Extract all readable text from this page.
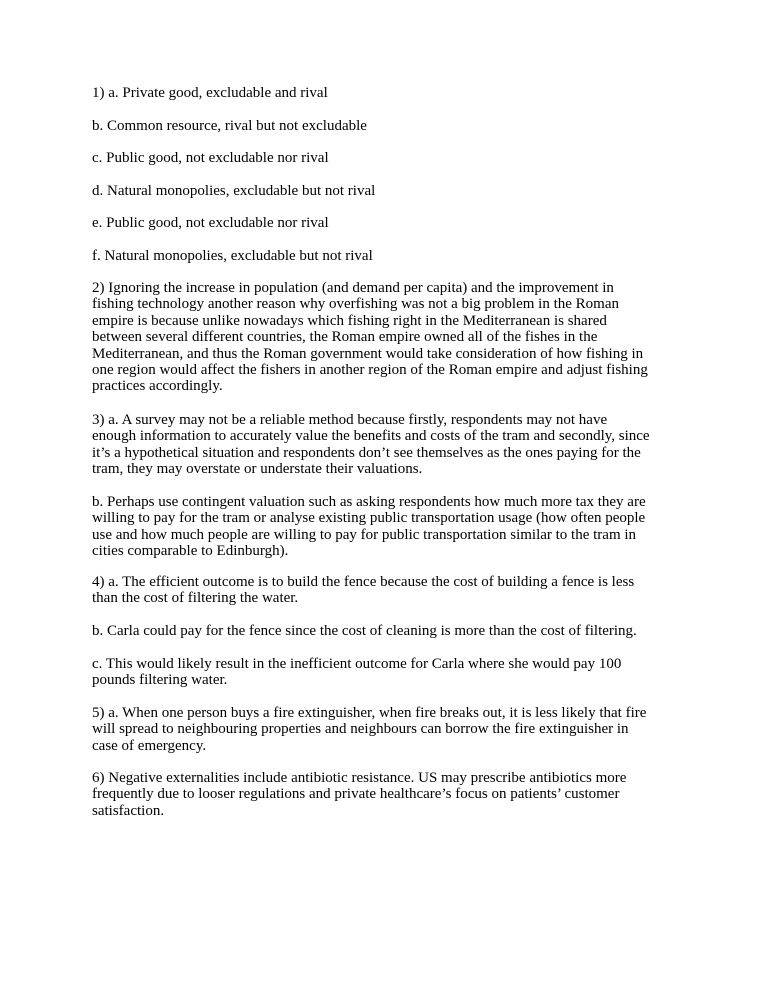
1) a. Private good, excludable and rival
b. Common resource, rival but not excludable
c. Public good, not excludable nor rival
d. Natural monopolies, excludable but not rival
e. Public good, not excludable nor rival
f. Natural monopolies, excludable but not rival
2) Ignoring the increase in population (and demand per capita) and the improvement in
fishing technology another reason why overfishing was not a big problem in the Roman
empire is because unlike nowadays which fishing right in the Mediterranean is shared
between several different countries, the Roman empire owned all of the fishes in the
Mediterranean, and thus the Roman government would take consideration of how fishing in
one region would affect the fishers in another region of the Roman empire and adjust fishing
practices accordingly.
3) a. A survey may not be a reliable method because firstly, respondents may not have
enough information to accurately value the benefits and costs of the tram and secondly, since
it’s a hypothetical situation and respondents don’t see themselves as the ones paying for the
tram, they may overstate or understate their valuations.
b. Perhaps use contingent valuation such as asking respondents how much more tax they are
willing to pay for the tram or analyse existing public transportation usage (how often people
use and how much people are willing to pay for public transportation similar to the tram in
cities comparable to Edinburgh).
4) a. The efficient outcome is to build the fence because the cost of building a fence is less
than the cost of filtering the water.
b. Carla could pay for the fence since the cost of cleaning is more than the cost of filtering.
c. This would likely result in the inefficient outcome for Carla where she would pay 100
pounds filtering water.
5) a. When one person buys a fire extinguisher, when fire breaks out, it is less likely that fire
will spread to neighbouring properties and neighbours can borrow the fire extinguisher in
case of emergency.
6) Negative externalities include antibiotic resistance. US may prescribe antibiotics more
frequently due to looser regulations and private healthcare’s focus on patients’ customer
satisfaction.
